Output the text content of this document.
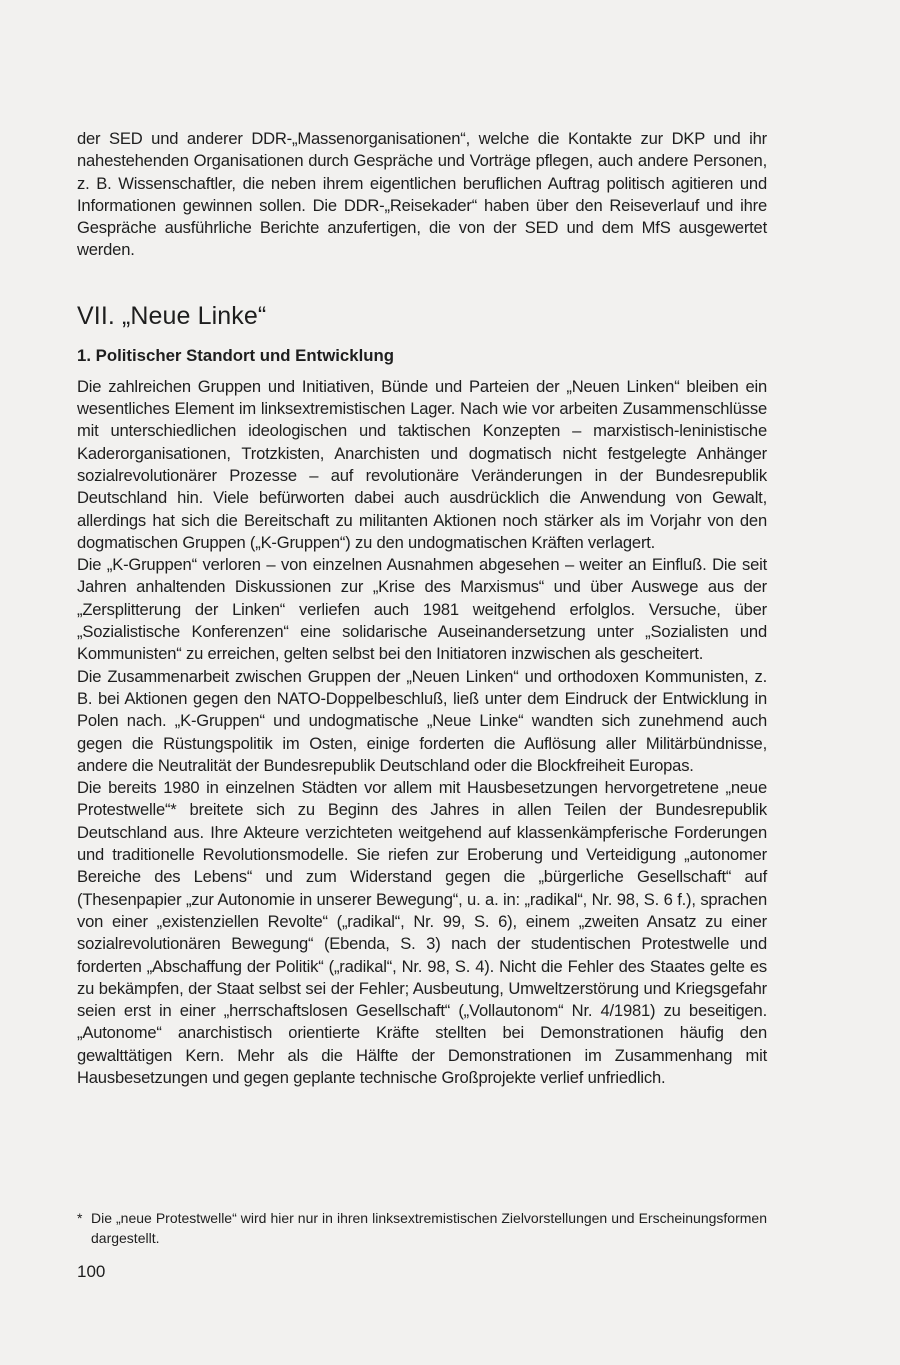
der SED und anderer DDR-„Massenorganisationen“, welche die Kontakte zur DKP und ihr nahestehenden Organisationen durch Gespräche und Vorträge pflegen, auch andere Personen, z. B. Wissenschaftler, die neben ihrem eigentlichen beruflichen Auftrag politisch agitieren und Informationen gewinnen sollen. Die DDR-„Reisekader“ haben über den Reiseverlauf und ihre Gespräche ausführliche Berichte anzufertigen, die von der SED und dem MfS ausgewertet werden.

VII. „Neue Linke“
1. Politischer Standort und Entwicklung

Die zahlreichen Gruppen und Initiativen, Bünde und Parteien der „Neuen Linken“ bleiben ein wesentliches Element im linksextremistischen Lager. Nach wie vor arbeiten Zusammenschlüsse mit unterschiedlichen ideologischen und taktischen Konzepten – marxistisch-leninistische Kaderorganisationen, Trotzkisten, Anarchisten und dogmatisch nicht festgelegte Anhänger sozialrevolutionärer Prozesse – auf revolutionäre Veränderungen in der Bundesrepublik Deutschland hin. Viele befürworten dabei auch ausdrücklich die Anwendung von Gewalt, allerdings hat sich die Bereitschaft zu militanten Aktionen noch stärker als im Vorjahr von den dogmatischen Gruppen („K-Gruppen“) zu den undogmatischen Kräften verlagert.

Die „K-Gruppen“ verloren – von einzelnen Ausnahmen abgesehen – weiter an Einfluß. Die seit Jahren anhaltenden Diskussionen zur „Krise des Marxismus“ und über Auswege aus der „Zersplitterung der Linken“ verliefen auch 1981 weitgehend erfolglos. Versuche, über „Sozialistische Konferenzen“ eine solidarische Auseinandersetzung unter „Sozialisten und Kommunisten“ zu erreichen, gelten selbst bei den Initiatoren inzwischen als gescheitert.

Die Zusammenarbeit zwischen Gruppen der „Neuen Linken“ und orthodoxen Kommunisten, z. B. bei Aktionen gegen den NATO-Doppelbeschluß, ließ unter dem Eindruck der Entwicklung in Polen nach. „K-Gruppen“ und undogmatische „Neue Linke“ wandten sich zunehmend auch gegen die Rüstungspolitik im Osten, einige forderten die Auflösung aller Militärbündnisse, andere die Neutralität der Bundesrepublik Deutschland oder die Blockfreiheit Europas.

Die bereits 1980 in einzelnen Städten vor allem mit Hausbesetzungen hervorgetretene „neue Protestwelle“* breitete sich zu Beginn des Jahres in allen Teilen der Bundesrepublik Deutschland aus. Ihre Akteure verzichteten weitgehend auf klassenkämpferische Forderungen und traditionelle Revolutionsmodelle. Sie riefen zur Eroberung und Verteidigung „autonomer Bereiche des Lebens“ und zum Widerstand gegen die „bürgerliche Gesellschaft“ auf (Thesenpapier „zur Autonomie in unserer Bewegung“, u. a. in: „radikal“, Nr. 98, S. 6 f.), sprachen von einer „existenziellen Revolte“ („radikal“, Nr. 99, S. 6), einem „zweiten Ansatz zu einer sozialrevolutionären Bewegung“ (Ebenda, S. 3) nach der studentischen Protestwelle und forderten „Abschaffung der Politik“ („radikal“, Nr. 98, S. 4). Nicht die Fehler des Staates gelte es zu bekämpfen, der Staat selbst sei der Fehler; Ausbeutung, Umweltzerstörung und Kriegsgefahr seien erst in einer „herrschaftslosen Gesellschaft“ („Vollautonom“ Nr. 4/1981) zu beseitigen. „Autonome“ anarchistisch orientierte Kräfte stellten bei Demonstrationen häufig den gewalttätigen Kern. Mehr als die Hälfte der Demonstrationen im Zusammenhang mit Hausbesetzungen und gegen geplante technische Großprojekte verlief unfriedlich.

* Die „neue Protestwelle“ wird hier nur in ihren linksextremistischen Zielvorstellungen und Erscheinungsformen dargestellt.

100
